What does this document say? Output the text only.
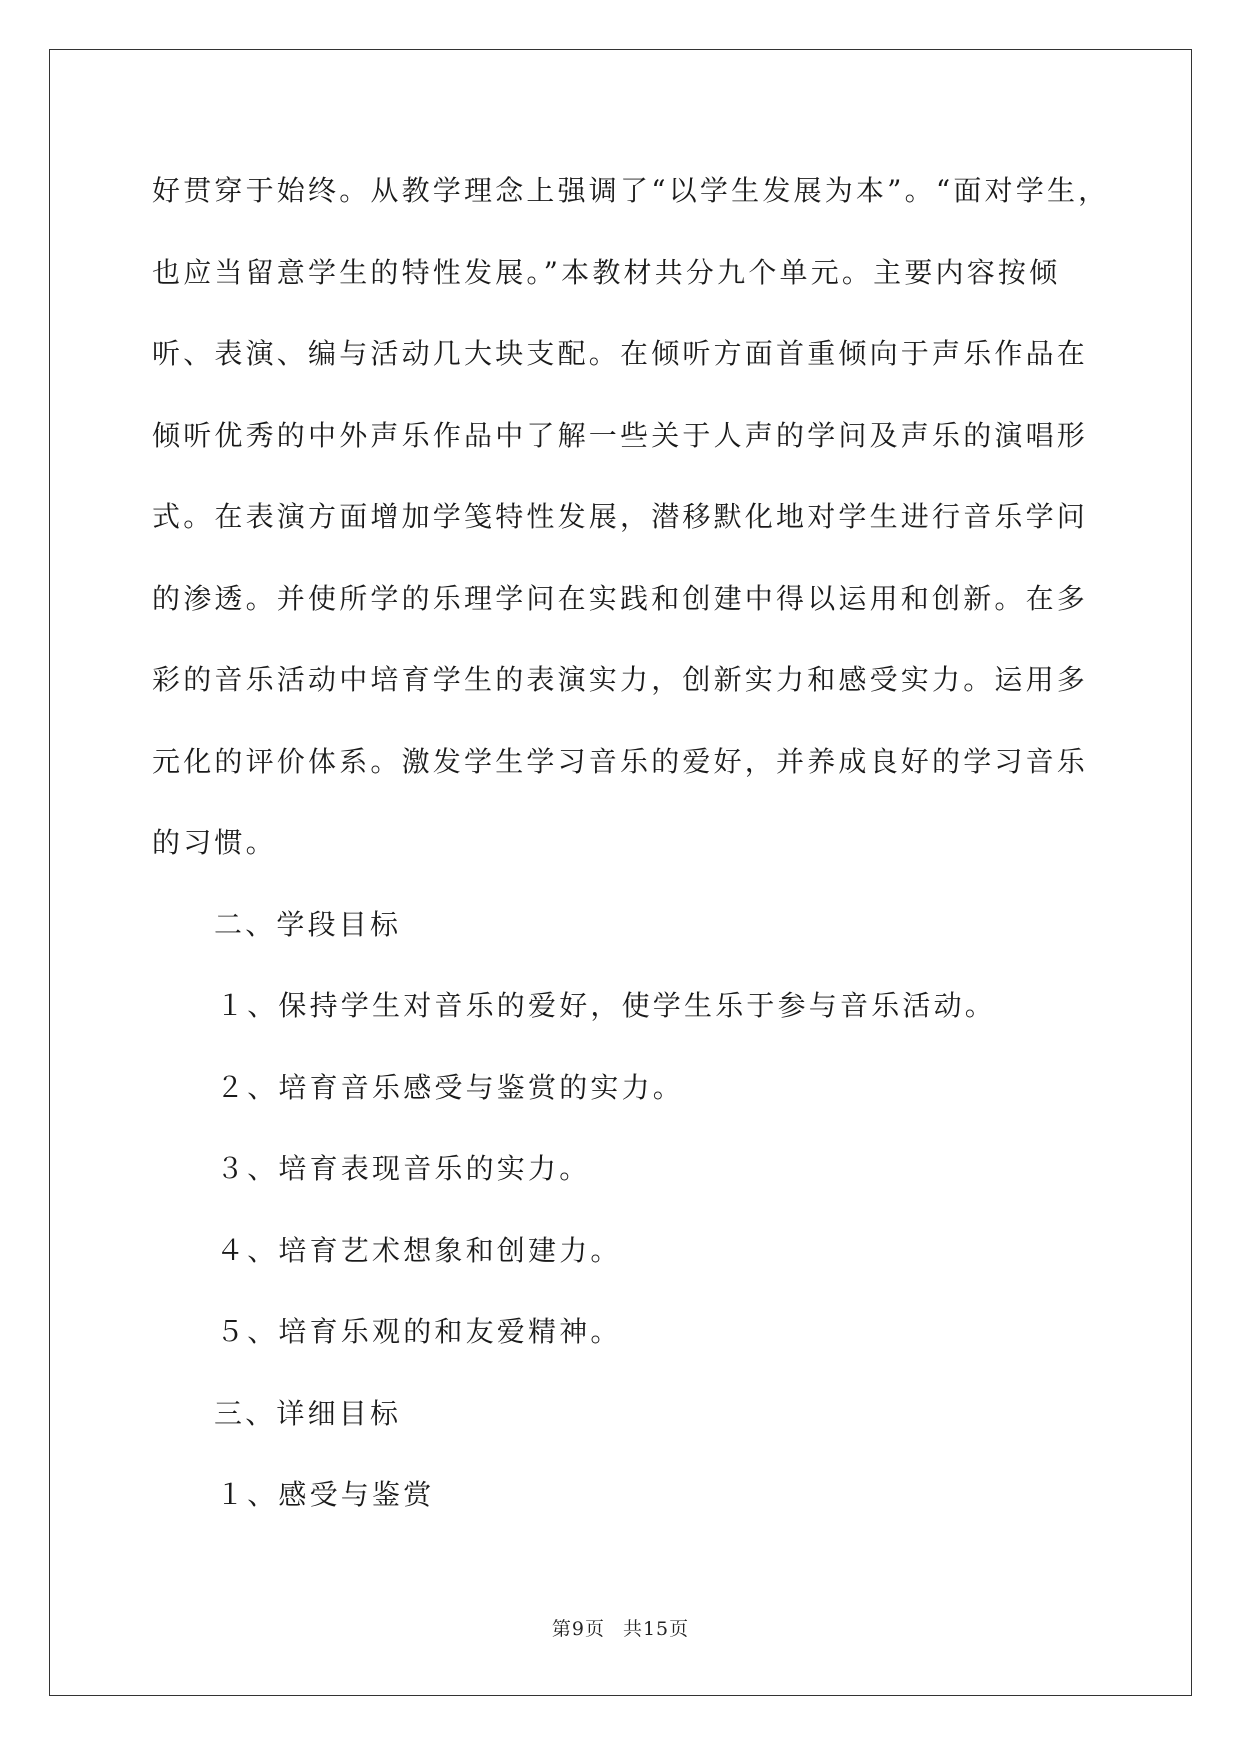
好贯穿于始终。从教学理念上强调了“以学生发展为本”。“面对学生，
也应当留意学生的特性发展。”本教材共分九个单元。主要内容按倾
听、表演、编与活动几大块支配。在倾听方面首重倾向于声乐作品在
倾听优秀的中外声乐作品中了解一些关于人声的学问及声乐的演唱形
式。在表演方面增加学笺特性发展，潜移默化地对学生进行音乐学问
的渗透。并使所学的乐理学问在实践和创建中得以运用和创新。在多
彩的音乐活动中培育学生的表演实力，创新实力和感受实力。运用多
元化的评价体系。激发学生学习音乐的爱好，并养成良好的学习音乐
的习惯。
二、学段目标
１、保持学生对音乐的爱好，使学生乐于参与音乐活动。
２、培育音乐感受与鉴赏的实力。
３、培育表现音乐的实力。
４、培育艺术想象和创建力。
５、培育乐观的和友爱精神。
三、详细目标
１、感受与鉴赏
第9页 共15页
